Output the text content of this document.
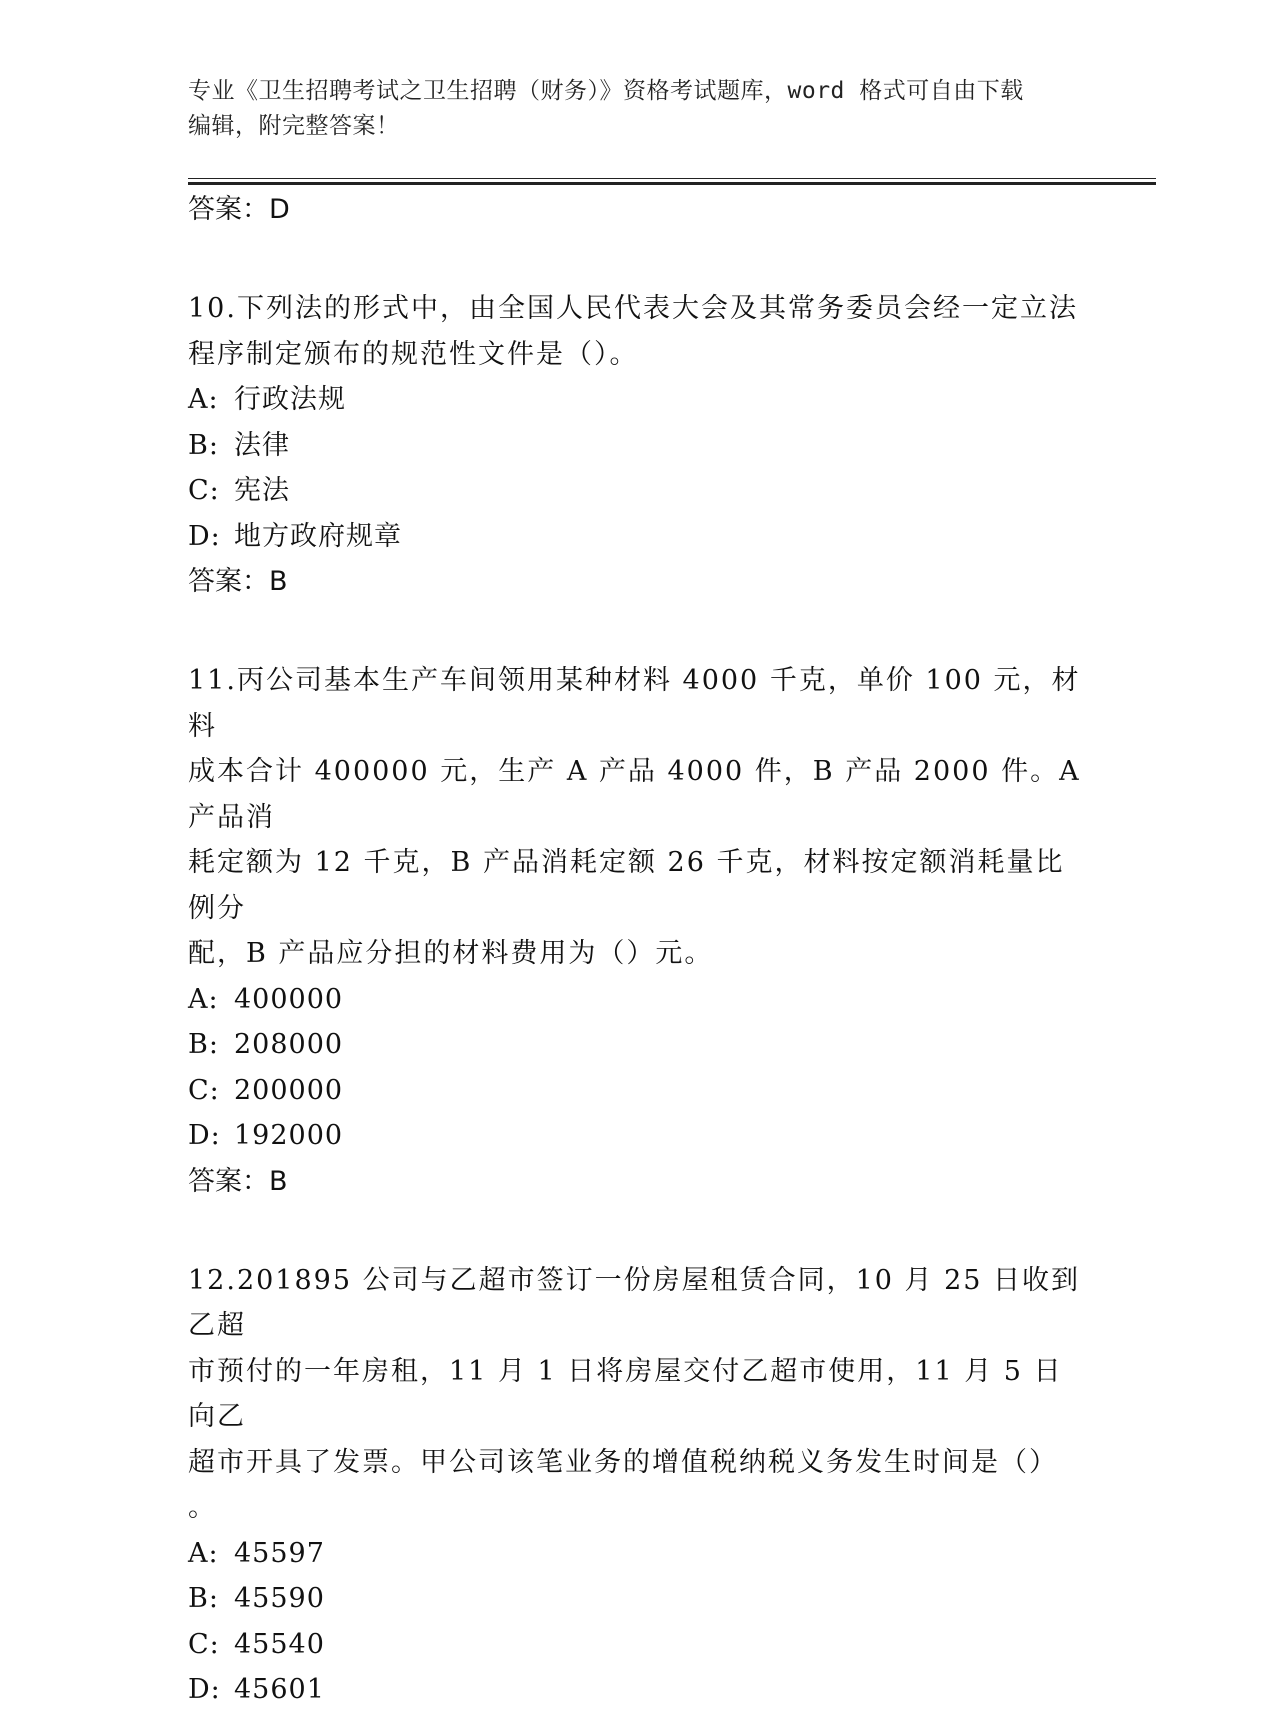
专业《卫生招聘考试之卫生招聘（财务）》资格考试题库，word 格式可自由下载
编辑，附完整答案！

答案：D

10.下列法的形式中，由全国人民代表大会及其常务委员会经一定立法

程序制定颁布的规范性文件是（）。

A: 行政法规

B: 法律

C: 宪法

D: 地方政府规章

答案：B

11.丙公司基本生产车间领用某种材料 4000 千克，单价 100 元，材料

成本合计 400000 元，生产 A 产品 4000 件，B 产品 2000 件。A 产品消

耗定额为 12 千克，B 产品消耗定额 26 千克，材料按定额消耗量比例分

配，B 产品应分担的材料费用为（）元。

A: 400000

B: 208000

C: 200000

D: 192000

答案：B

12.201895 公司与乙超市签订一份房屋租赁合同，10 月 25 日收到乙超

市预付的一年房租，11 月 1 日将房屋交付乙超市使用，11 月 5 日向乙

超市开具了发票。甲公司该笔业务的增值税纳税义务发生时间是（）

。

A: 45597

B: 45590

C: 45540

D: 45601
